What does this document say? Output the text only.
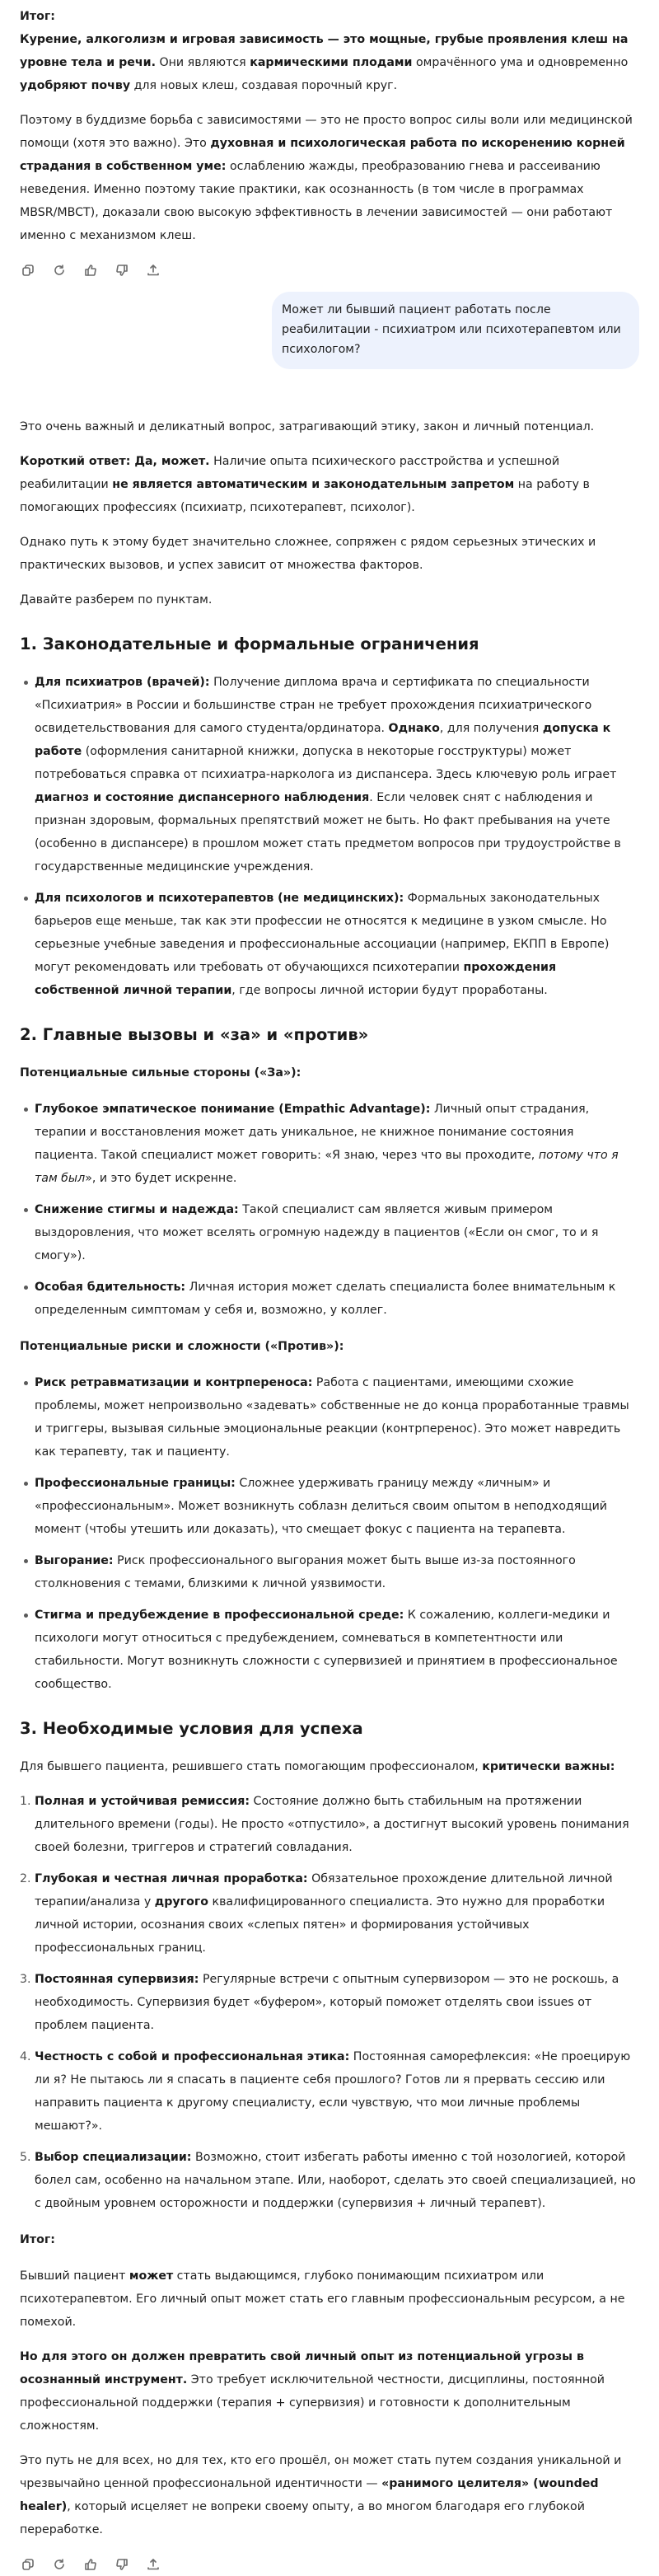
Итог:

Курение, алкоголизм и игровая зависимость — это мощные, грубые проявления клеш на уровне тела и речи. Они являются кармическими плодами омрачённого ума и одновременно удобряют почву для новых клеш, создавая порочный круг.

Поэтому в буддизме борьба с зависимостями — это не просто вопрос силы воли или медицинской помощи (хотя это важно). Это духовная и психологическая работа по искоренению корней страдания в собственном уме: ослаблению жажды, преобразованию гнева и рассеиванию неведения. Именно поэтому такие практики, как осознанность (в том числе в программах MBSR/MBCT), доказали свою высокую эффективность в лечении зависимостей — они работают именно с механизмом клеш.

Может ли бывший пациент работать после реабилитации - психиатром или психотерапевтом или психологом?

Это очень важный и деликатный вопрос, затрагивающий этику, закон и личный потенциал.

Короткий ответ: Да, может. Наличие опыта психического расстройства и успешной реабилитации не является автоматическим и законодательным запретом на работу в помогающих профессиях (психиатр, психотерапевт, психолог).

Однако путь к этому будет значительно сложнее, сопряжен с рядом серьезных этических и практических вызовов, и успех зависит от множества факторов.

Давайте разберем по пунктам.

1. Законодательные и формальные ограничения
Для психиатров (врачей): Получение диплома врача и сертификата по специальности «Психиатрия» в России и большинстве стран не требует прохождения психиатрического освидетельствования для самого студента/ординатора. Однако, для получения допуска к работе (оформления санитарной книжки, допуска в некоторые госструктуры) может потребоваться справка от психиатра-нарколога из диспансера. Здесь ключевую роль играет диагноз и состояние диспансерного наблюдения. Если человек снят с наблюдения и признан здоровым, формальных препятствий может не быть. Но факт пребывания на учете (особенно в диспансере) в прошлом может стать предметом вопросов при трудоустройстве в государственные медицинские учреждения.
Для психологов и психотерапевтов (не медицинских): Формальных законодательных барьеров еще меньше, так как эти профессии не относятся к медицине в узком смысле. Но серьезные учебные заведения и профессиональные ассоциации (например, ЕКПП в Европе) могут рекомендовать или требовать от обучающихся психотерапии прохождения собственной личной терапии, где вопросы личной истории будут проработаны.
2. Главные вызовы и «за» и «против»

Потенциальные сильные стороны («За»):

Глубокое эмпатическое понимание (Empathic Advantage): Личный опыт страдания, терапии и восстановления может дать уникальное, не книжное понимание состояния пациента. Такой специалист может говорить: «Я знаю, через что вы проходите, потому что я там был», и это будет искренне.
Снижение стигмы и надежда: Такой специалист сам является живым примером выздоровления, что может вселять огромную надежду в пациентов («Если он смог, то и я смогу»).
Особая бдительность: Личная история может сделать специалиста более внимательным к определенным симптомам у себя и, возможно, у коллег.

Потенциальные риски и сложности («Против»):

Риск ретравматизации и контрпереноса: Работа с пациентами, имеющими схожие проблемы, может непроизвольно «задевать» собственные не до конца проработанные травмы и триггеры, вызывая сильные эмоциональные реакции (контрперенос). Это может навредить как терапевту, так и пациенту.
Профессиональные границы: Сложнее удерживать границу между «личным» и «профессиональным». Может возникнуть соблазн делиться своим опытом в неподходящий момент (чтобы утешить или доказать), что смещает фокус с пациента на терапевта.
Выгорание: Риск профессионального выгорания может быть выше из-за постоянного столкновения с темами, близкими к личной уязвимости.
Стигма и предубеждение в профессиональной среде: К сожалению, коллеги-медики и психологи могут относиться с предубеждением, сомневаться в компетентности или стабильности. Могут возникнуть сложности с супервизией и принятием в профессиональное сообщество.
3. Необходимые условия для успеха

Для бывшего пациента, решившего стать помогающим профессионалом, критически важны:

1. Полная и устойчивая ремиссия: Состояние должно быть стабильным на протяжении длительного времени (годы). Не просто «отпустило», а достигнут высокий уровень понимания своей болезни, триггеров и стратегий совладания.
2. Глубокая и честная личная проработка: Обязательное прохождение длительной личной терапии/анализа у другого квалифицированного специалиста. Это нужно для проработки личной истории, осознания своих «слепых пятен» и формирования устойчивых профессиональных границ.
3. Постоянная супервизия: Регулярные встречи с опытным супервизором — это не роскошь, а необходимость. Супервизия будет «буфером», который поможет отделять свои issues от проблем пациента.
4. Честность с собой и профессиональная этика: Постоянная саморефлексия: «Не проецирую ли я? Не пытаюсь ли я спасать в пациенте себя прошлого? Готов ли я прервать сессию или направить пациента к другому специалисту, если чувствую, что мои личные проблемы мешают?».
5. Выбор специализации: Возможно, стоит избегать работы именно с той нозологией, которой болел сам, особенно на начальном этапе. Или, наоборот, сделать это своей специализацией, но с двойным уровнем осторожности и поддержки (супервизия + личный терапевт).

Итог:

Бывший пациент может стать выдающимся, глубоко понимающим психиатром или психотерапевтом. Его личный опыт может стать его главным профессиональным ресурсом, а не помехой.

Но для этого он должен превратить свой личный опыт из потенциальной угрозы в осознанный инструмент. Это требует исключительной честности, дисциплины, постоянной профессиональной поддержки (терапия + супервизия) и готовности к дополнительным сложностям.

Это путь не для всех, но для тех, кто его прошёл, он может стать путем создания уникальной и чрезвычайно ценной профессиональной идентичности — «ранимого целителя» (wounded healer), который исцеляет не вопреки своему опыту, а во многом благодаря его глубокой переработке.
